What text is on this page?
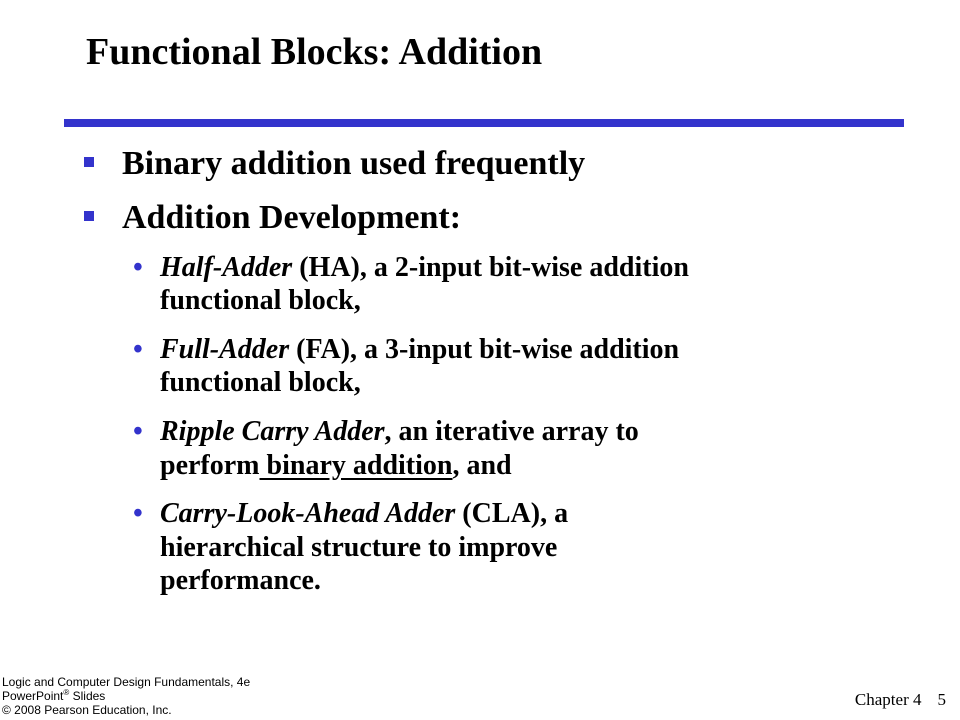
Functional Blocks: Addition
Binary addition used frequently
Addition Development:
• Half-Adder (HA), a 2-input bit-wise addition
functional block,
• Full-Adder (FA), a 3-input bit-wise addition
functional block,
• Ripple Carry Adder, an iterative array to
perform binary addition, and
• Carry-Look-Ahead Adder (CLA), a
hierarchical structure to improve
performance.
Logic and Computer Design Fundamentals, 4e
PowerPoint® Slides
© 2008 Pearson Education, Inc.
Chapter 4 5
